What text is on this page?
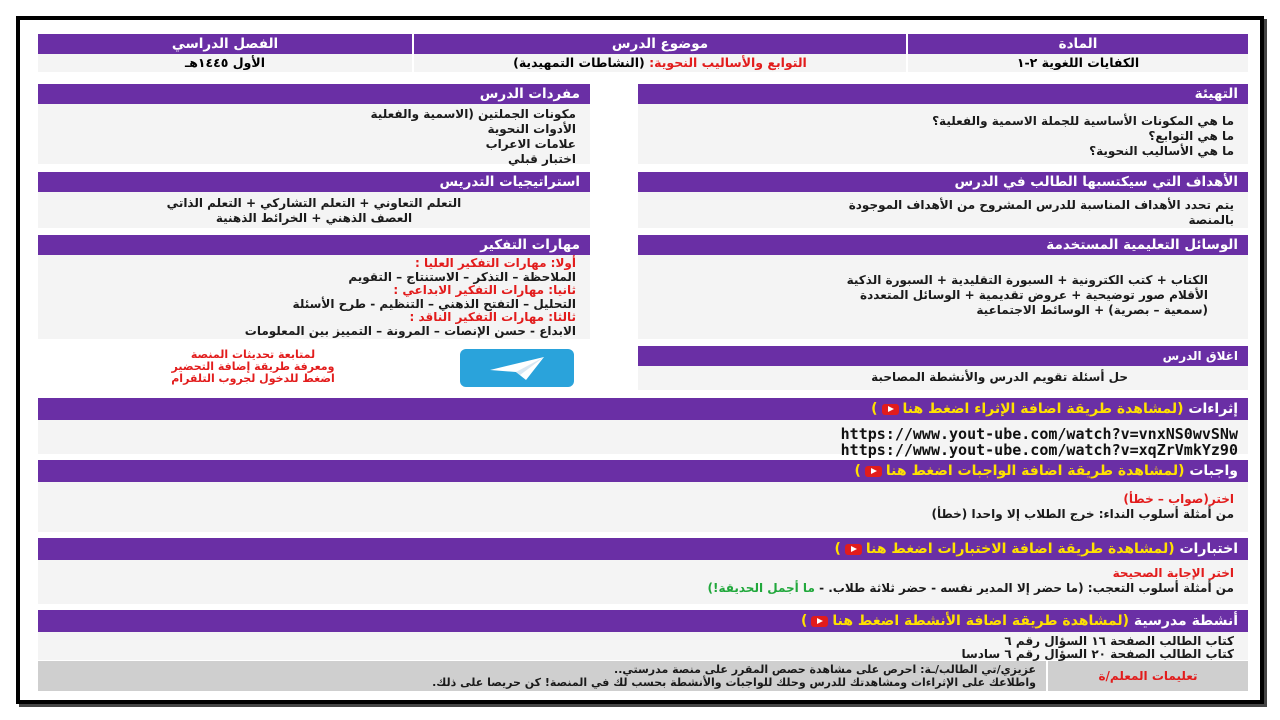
المادة
الكفايات اللغوية ٢-١
موضوع الدرس
التوابع والأساليب النحوية: (النشاطات التمهيدية)
الفصل الدراسي
الأول ١٤٤٥هـ
التهيئة
ما هي المكونات الأساسية للجملة الاسمية والفعلية؟
ما هي التوابع؟
ما هي الأساليب النحوية؟
مفردات الدرس
مكونات الجملتين (الاسمية والفعلية
الأدوات النحوية
علامات الاعراب
اختبار قبلي
الأهداف التي سيكتسبها الطالب في الدرس
يتم تحدد الأهداف المناسبة للدرس المشروح من الأهداف الموجودة
بالمنصة
استراتيجيات التدريس
التعلم التعاوني + التعلم التشاركي + التعلم الذاتي
العصف الذهني + الخرائط الذهنية
الوسائل التعليمية المستخدمة
الكتاب + كتب الكترونية + السبورة التقليدية + السبورة الذكية
الأقلام صور توضيحية + عروض تقديمية + الوسائل المتعددة
(سمعية – بصرية) + الوسائط الاجتماعية
مهارات التفكير
أولا: مهارات التفكير العليا :
الملاحظة – التذكر – الاستنتاج – التقويم
ثانيا: مهارات التفكير الابداعي :
التحليل – التفتح الذهني – التنظيم - طرح الأسئلة
ثالثا: مهارات التفكير الناقد :
الابداع - حسن الإنصات – المرونة – التمييز بين المعلومات
اغلاق الدرس
حل أسئلة تقويم الدرس والأنشطة المصاحبة
لمتابعة تحديثات المنصة
ومعرفة طريقة إضافة التحضير
اضغط للدخول لجروب التلقرام
إثراءات (لمشاهدة طريقة اضافة الإثراء اضغط هنا)
https://www.yout-ube.com/watch?v=vnxNS0wvSNw
https://www.yout-ube.com/watch?v=xqZrVmkYz90
واجبات (لمشاهدة طريقة اضافة الواجبات اضغط هنا)
اختر(صواب – خطأ)
من أمثلة أسلوب النداء: خرج الطلاب إلا واحدا (خطأ)
اختبارات (لمشاهدة طريقة اضافة الاختبارات اضغط هنا)
اختر الإجابة الصحيحة
من أمثلة أسلوب التعجب: (ما حضر إلا المدير نفسه - حضر ثلاثة طلاب. - ما أجمل الحديقة!)
أنشطة مدرسية (لمشاهدة طريقة اضافة الأنشطة اضغط هنا)
كتاب الطالب الصفحة ١٦ السؤال رقم ٦
كتاب الطالب الصفحة ٢٠ السؤال رقم ٦ سادسا
تعليمات المعلم/ة
عزيزي/تي الطالب/ـة: احرص على مشاهدة حصص المقرر على منصة مدرستي..
واطلاعك على الإثراءات ومشاهدتك للدرس وحلك للواجبات والأنشطة بحسب لك في المنصة! كن حريصا على ذلك.
